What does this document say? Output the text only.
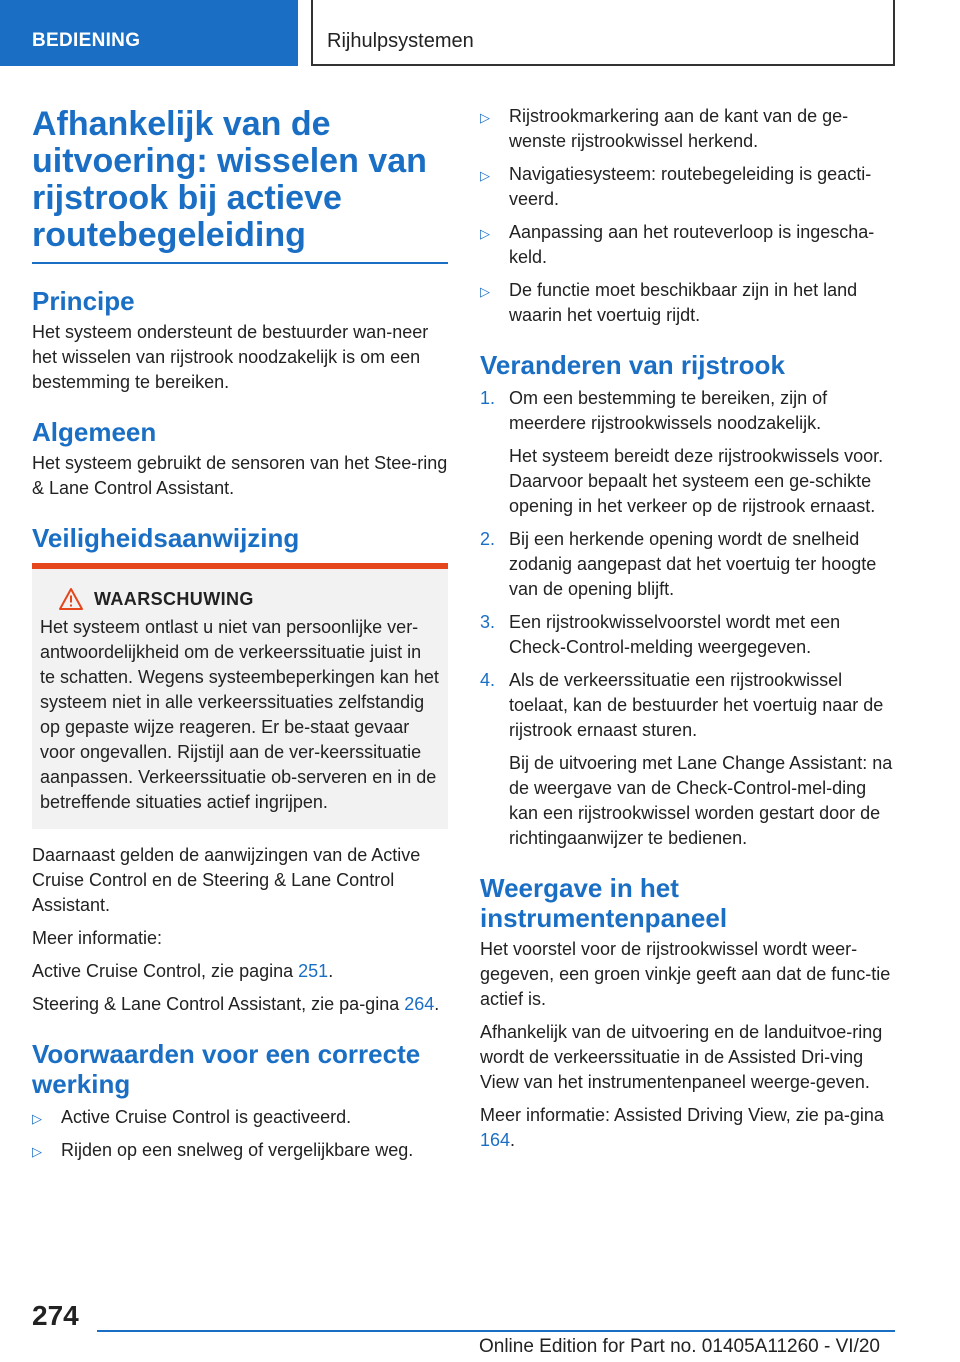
BEDIENING	Rijhulpsystemen
Afhankelijk van de uitvoering: wisselen van rijstrook bij actieve routebegeleiding
Principe

Het systeem ondersteunt de bestuurder wan-neer het wisselen van rijstrook noodzakelijk is om een bestemming te bereiken.

Algemeen

Het systeem gebruikt de sensoren van het Stee-ring & Lane Control Assistant.

Veiligheidsaanwijzing
WAARSCHUWING

Het systeem ontlast u niet van persoonlijke ver-antwoordelijkheid om de verkeerssituatie juist in te schatten. Wegens systeembeperkingen kan het systeem niet in alle verkeerssituaties zelfstandig op gepaste wijze reageren. Er be-staat gevaar voor ongevallen. Rijstijl aan de ver-keerssituatie aanpassen. Verkeerssituatie ob-serveren en in de betreffende situaties actief ingrijpen.

Daarnaast gelden de aanwijzingen van de Active Cruise Control en de Steering & Lane Control Assistant.

Meer informatie:

Active Cruise Control, zie pagina 251.

Steering & Lane Control Assistant, zie pa-gina 264.

Voorwaarden voor een correcte werking
▷ Active Cruise Control is geactiveerd.
▷ Rijden op een snelweg of vergelijkbare weg.
▷ Rijstrookmarkering aan de kant van de ge-wenste rijstrookwissel herkend.
▷ Navigatiesysteem: routebegeleiding is geacti-veerd.
▷ Aanpassing aan het routeverloop is ingescha-keld.
▷ De functie moet beschikbaar zijn in het land waarin het voertuig rijdt.
Veranderen van rijstrook
1. Om een bestemming te bereiken, zijn of meerdere rijstrookwissels noodzakelijk.
Het systeem bereidt deze rijstrookwissels voor. Daarvoor bepaalt het systeem een ge-schikte opening in het verkeer op de rijstrook ernaast.
2. Bij een herkende opening wordt de snelheid zodanig aangepast dat het voertuig ter hoogte van de opening blijft.
3. Een rijstrookwisselvoorstel wordt met een Check-Control-melding weergegeven.
4. Als de verkeerssituatie een rijstrookwissel toelaat, kan de bestuurder het voertuig naar de rijstrook ernaast sturen.
Bij de uitvoering met Lane Change Assistant: na de weergave van de Check-Control-mel-ding kan een rijstrookwissel worden gestart door de richtingaanwijzer te bedienen.
Weergave in het instrumentenpaneel

Het voorstel voor de rijstrookwissel wordt weer-gegeven, een groen vinkje geeft aan dat de func-tie actief is.

Afhankelijk van de uitvoering en de landuitvoe-ring wordt de verkeerssituatie in de Assisted Dri-ving View van het instrumentenpaneel weerge-geven.

Meer informatie: Assisted Driving View, zie pa-gina 164.

274
Online Edition for Part no. 01405A11260 - VI/20
